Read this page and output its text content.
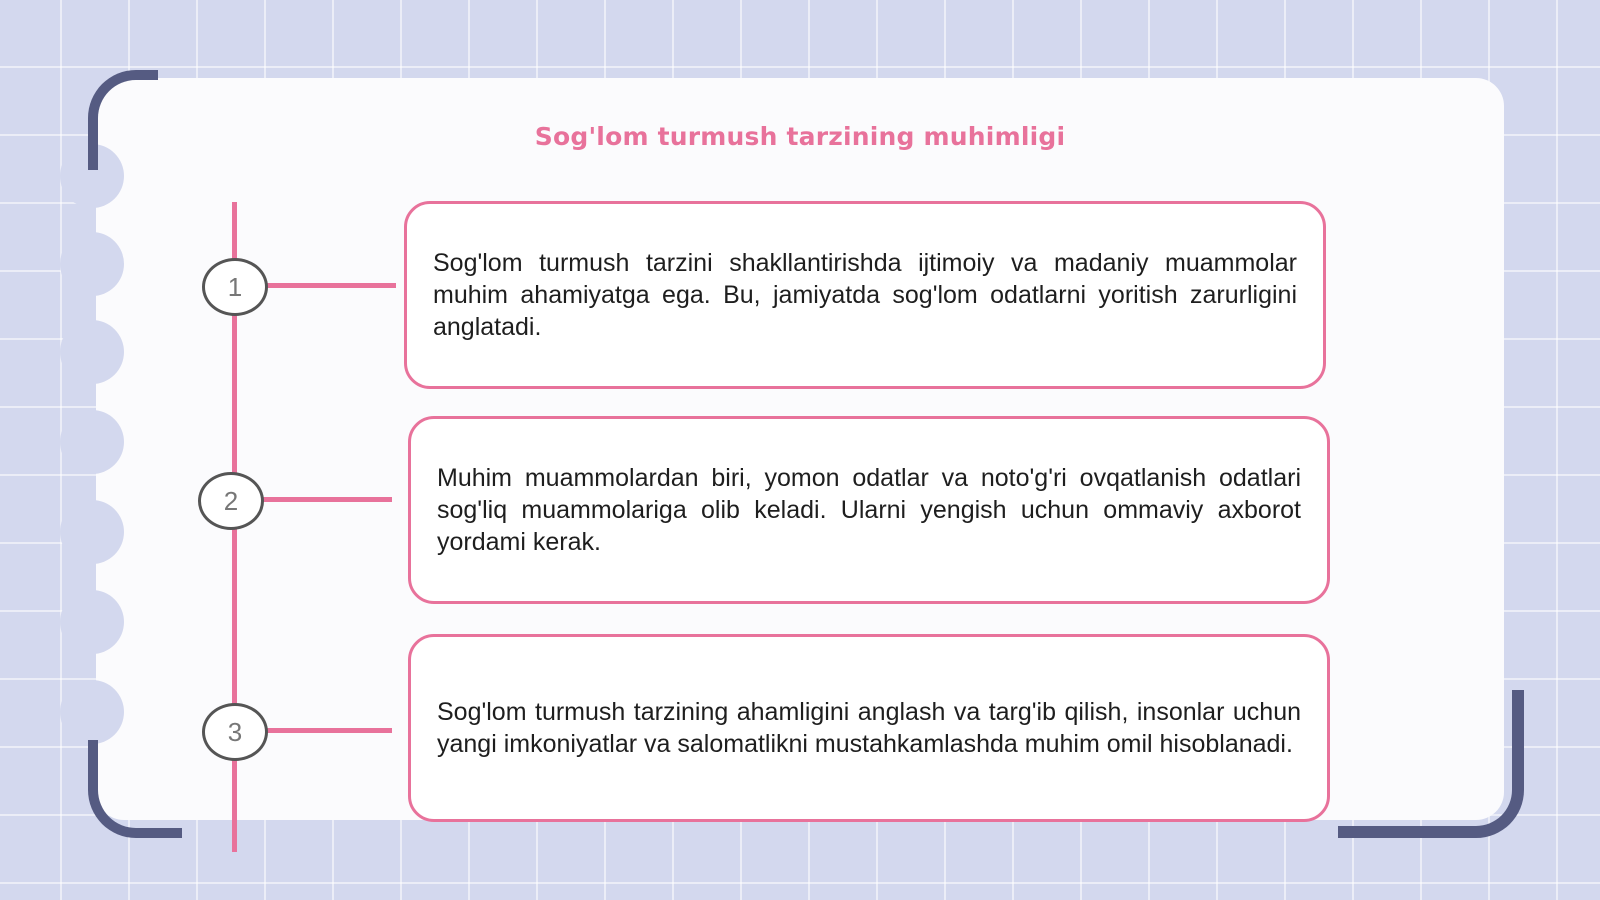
Sog'lom turmush tarzining muhimligi
1

Sog'lom turmush tarzini shakllantirishda ijtimoiy va madaniy muammolar muhim ahamiyatga ega. Bu, jamiyatda sog'lom odatlarni yoritish zarurligini anglatadi.

2

Muhim muammolardan biri, yomon odatlar va noto'g'ri ovqatlanish odatlari sog'liq muammolariga olib keladi. Ularni yengish uchun ommaviy axborot yordami kerak.

3

Sog'lom turmush tarzining ahamligini anglash va targ'ib qilish, insonlar uchun yangi imkoniyatlar va salomatlikni mustahkamlashda muhim omil hisoblanadi.
